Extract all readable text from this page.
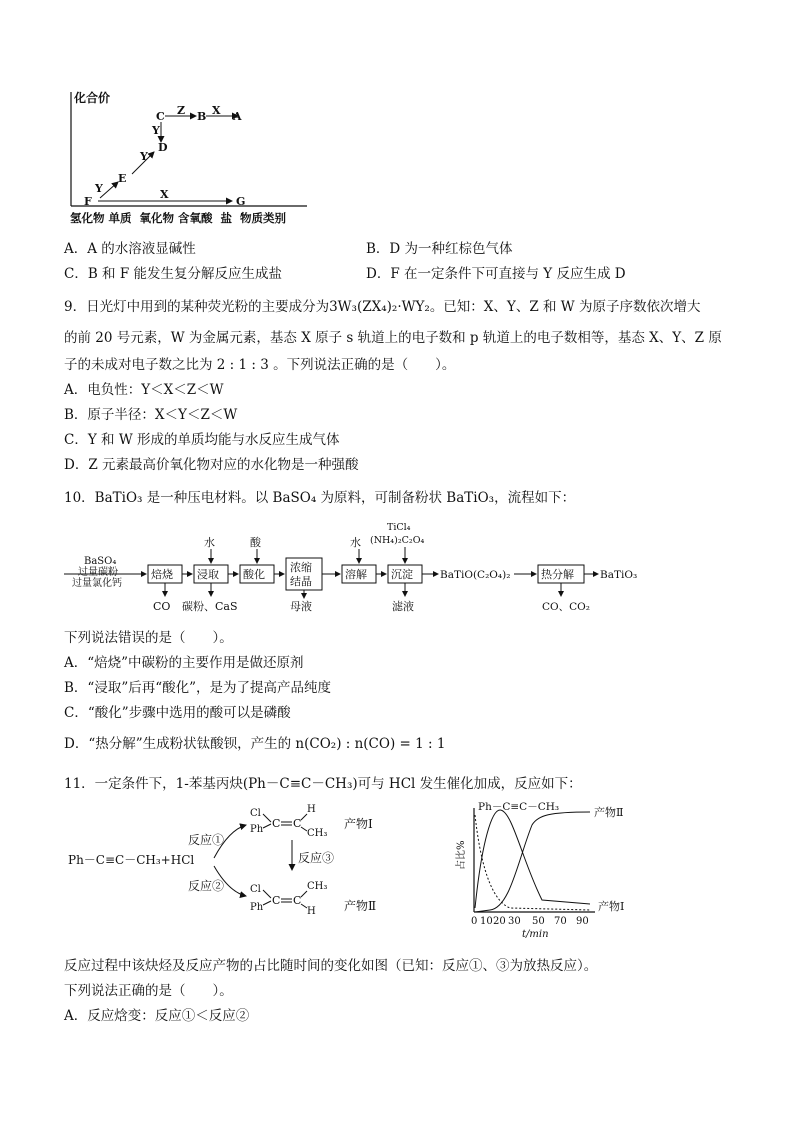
化合价
C Z B X A
Y
D
Y
E
Y
F
X
G
氢化物 单质  氧化物 含氧酸  盐  物质类别
A．A 的水溶液显碱性	B．D 为一种红棕色气体
C．B 和 F 能发生复分解反应生成盐	D．F 在一定条件下可直接与 Y 反应生成 D
9．日光灯中用到的某种荧光粉的主要成分为3W₃(ZX₄)₂·WY₂。已知：X、Y、Z 和 W 为原子序数依次增大
的前 20 号元素，W 为金属元素，基态 X 原子 s 轨道上的电子数和 p 轨道上的电子数相等，基态 X、Y、Z 原
子的未成对电子数之比为 2 : 1 : 3 。下列说法正确的是（　　）。
A．电负性：Y＜X＜Z＜W
B．原子半径：X＜Y＜Z＜W
C．Y 和 W 形成的单质均能与水反应生成气体
D．Z 元素最高价氧化物对应的水化物是一种强酸
10．BaTiO₃ 是一种压电材料。以 BaSO₄ 为原料，可制备粉状 BaTiO₃，流程如下：
BaSO₄
过量碳粉
过量氯化钙
焙烧 浸取 酸化
浓缩
结晶
溶解 沉淀	BaTiO(C₂O₄)₂	热分解 BaTiO₃
水	酸	水
TiCl₄
(NH₄)₂C₂O₄
CO 碳粉、CaS	母液	滤液	CO、CO₂
下列说法错误的是（　　）。
A．“焙烧”中碳粉的主要作用是做还原剂
B．“浸取”后再“酸化”，是为了提高产品纯度
C．“酸化”步骤中选用的酸可以是磷酸
D．“热分解”生成粉状钛酸钡，产生的 n(CO₂) : n(CO) = 1 : 1
11．一定条件下，1-苯基丙炔(Ph－C≡C－CH₃)可与 HCl 发生催化加成，反应如下：
Ph－C≡C－CH₃+HCl
反应①
反应②
Cl
Ph C C
H
CH₃
产物Ⅰ
反应③
Cl
Ph
C C
CH₃
H 产物Ⅱ
占比%
Ph－C≡C－CH₃	产物Ⅱ
产物Ⅰ
0 10 20 30 50 70 90
t/min
反应过程中该炔烃及反应产物的占比随时间的变化如图（已知：反应①、③为放热反应）。
下列说法正确的是（　　）。
A．反应焓变：反应①＜反应②
